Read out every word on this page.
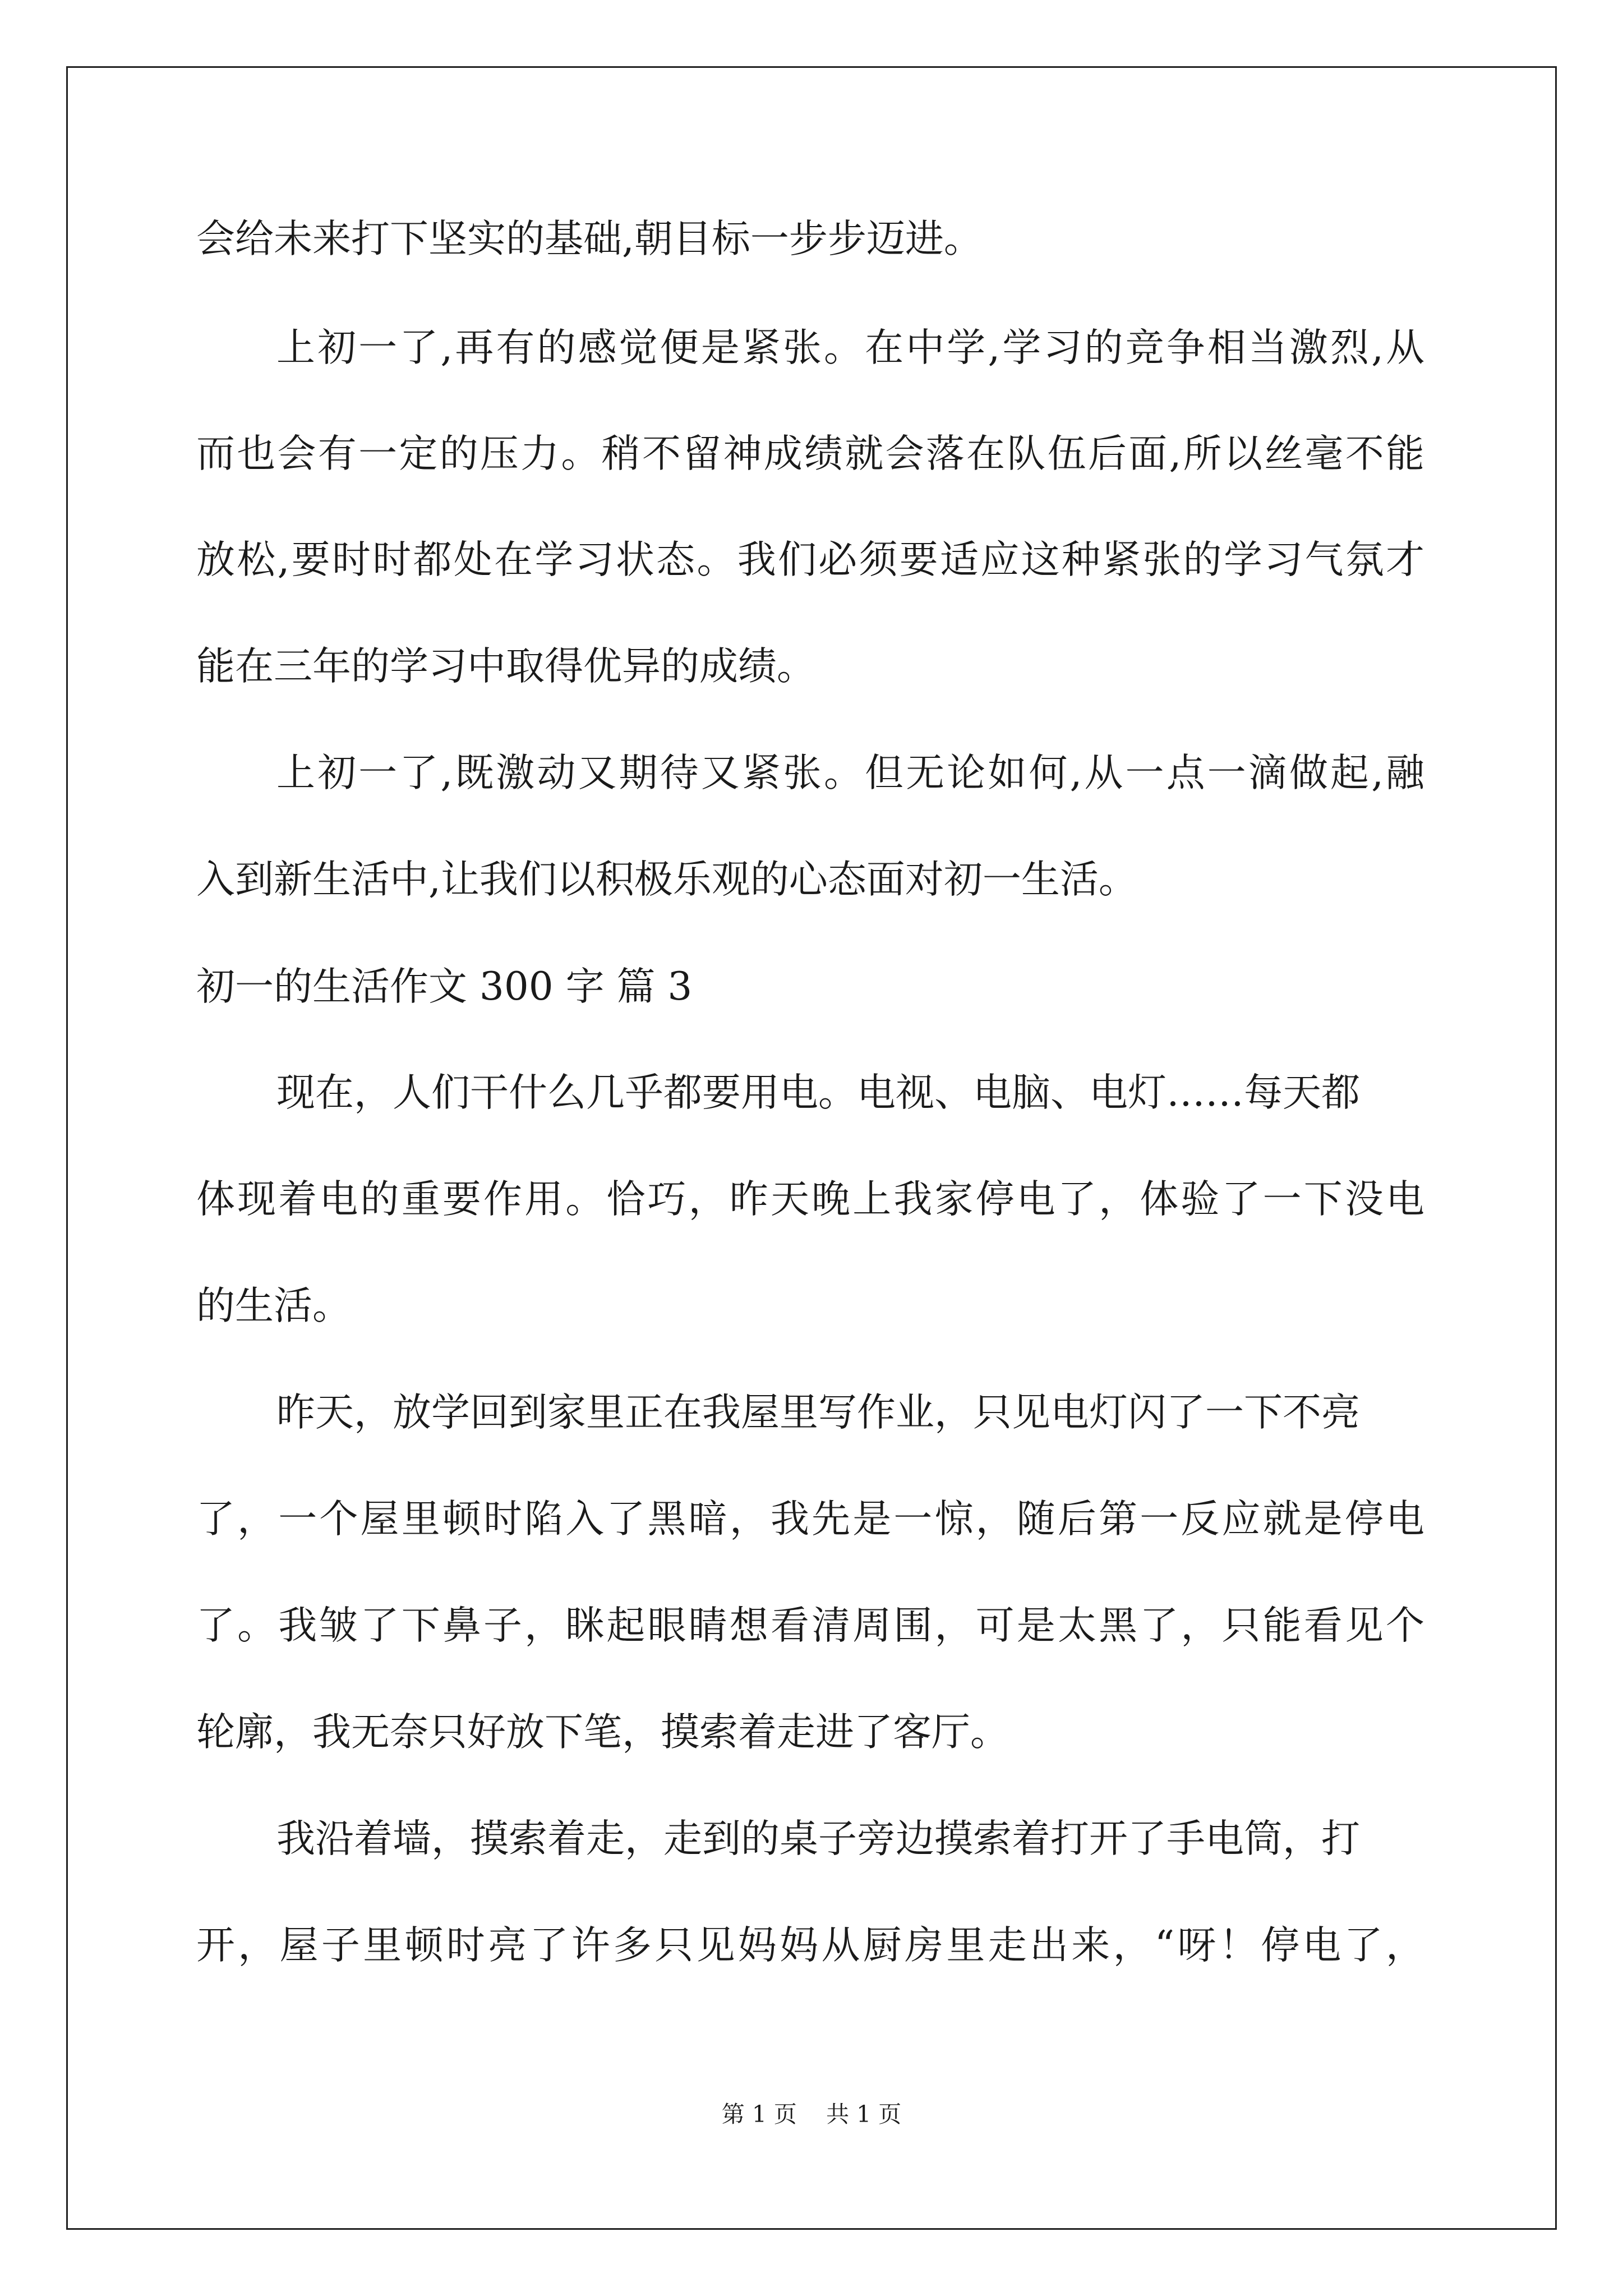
会给未来打下坚实的基础,朝目标一步步迈进。

上初一了,再有的感觉便是紧张。在中学,学习的竞争相当激烈,从

而也会有一定的压力。稍不留神成绩就会落在队伍后面,所以丝毫不能

放松,要时时都处在学习状态。我们必须要适应这种紧张的学习气氛才

能在三年的学习中取得优异的成绩。

上初一了,既激动又期待又紧张。但无论如何,从一点一滴做起,融

入到新生活中,让我们以积极乐观的心态面对初一生活。

初一的生活作文 300 字 篇 3

现在，人们干什么几乎都要用电。电视、电脑、电灯……每天都

体现着电的重要作用。恰巧，昨天晚上我家停电了，体验了一下没电

的生活。

昨天，放学回到家里正在我屋里写作业，只见电灯闪了一下不亮

了，一个屋里顿时陷入了黑暗，我先是一惊，随后第一反应就是停电

了。我皱了下鼻子，眯起眼睛想看清周围，可是太黑了，只能看见个

轮廓，我无奈只好放下笔，摸索着走进了客厅。

我沿着墙，摸索着走，走到的桌子旁边摸索着打开了手电筒，打

开，屋子里顿时亮了许多只见妈妈从厨房里走出来，“呀！停电了，

第 1 页    共 1 页
